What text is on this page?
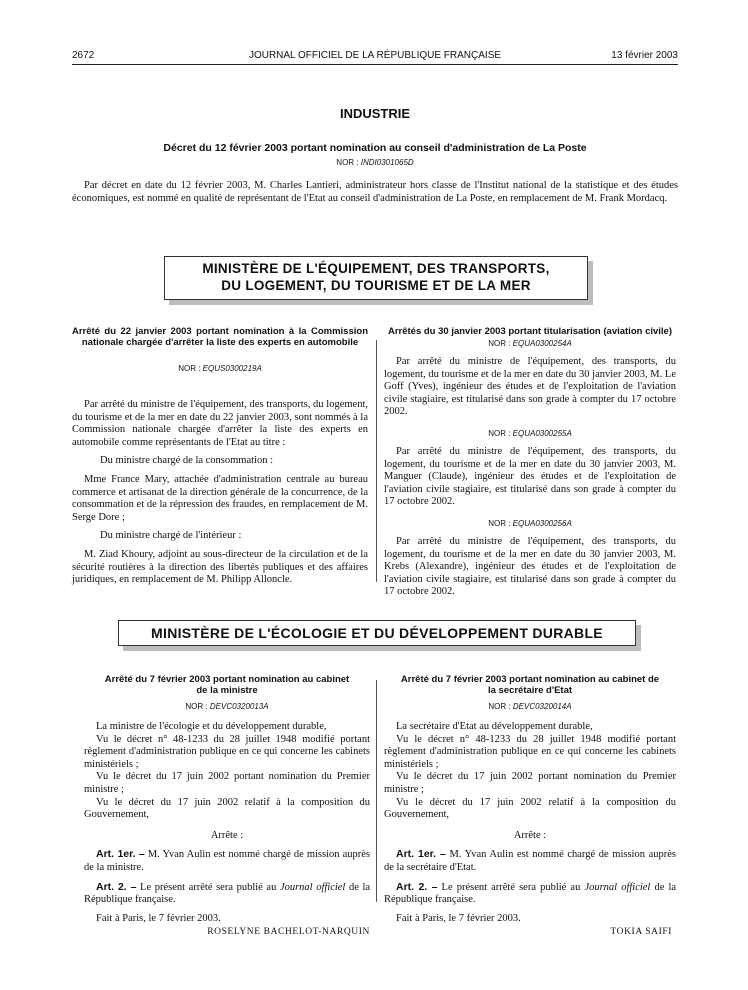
2672	JOURNAL OFFICIEL DE LA RÉPUBLIQUE FRANÇAISE	13 février 2003
INDUSTRIE
Décret du 12 février 2003 portant nomination au conseil d'administration de La Poste
NOR : INDI0301065D

Par décret en date du 12 février 2003, M. Charles Lantieri, administrateur hors classe de l'Institut national de la statistique et des études économiques, est nommé en qualité de représentant de l'Etat au conseil d'administration de La Poste, en remplacement de M. Frank Mordacq.

MINISTÈRE DE L'ÉQUIPEMENT, DES TRANSPORTS,
DU LOGEMENT, DU TOURISME ET DE LA MER
Arrêté du 22 janvier 2003 portant nomination à la Commission nationale chargée d'arrêter la liste des experts en automobile
NOR : EQUS0300219A

Par arrêté du ministre de l'équipement, des transports, du logement, du tourisme et de la mer en date du 22 janvier 2003, sont nommés à la Commission nationale chargée d'arrêter la liste des experts en automobile comme représentants de l'Etat au titre :

Du ministre chargé de la consommation :

Mme France Mary, attachée d'administration centrale au bureau commerce et artisanat de la direction générale de la concurrence, de la consommation et de la répression des fraudes, en remplacement de M. Serge Dore ;

Du ministre chargé de l'intérieur :

M. Ziad Khoury, adjoint au sous-directeur de la circulation et de la sécurité routières à la direction des libertés publiques et des affaires juridiques, en remplacement de M. Philipp Alloncle.

Arrêtés du 30 janvier 2003 portant titularisation (aviation civile)
NOR : EQUA0300254A

Par arrêté du ministre de l'équipement, des transports, du logement, du tourisme et de la mer en date du 30 janvier 2003, M. Le Goff (Yves), ingénieur des études et de l'exploitation de l'aviation civile stagiaire, est titularisé dans son grade à compter du 17 octobre 2002.

NOR : EQUA0300255A

Par arrêté du ministre de l'équipement, des transports, du logement, du tourisme et de la mer en date du 30 janvier 2003, M. Manguer (Claude), ingénieur des études et de l'exploitation de l'aviation civile stagiaire, est titularisé dans son grade à compter du 17 octobre 2002.

NOR : EQUA0300256A

Par arrêté du ministre de l'équipement, des transports, du logement, du tourisme et de la mer en date du 30 janvier 2003, M. Krebs (Alexandre), ingénieur des études et de l'exploitation de l'aviation civile stagiaire, est titularisé dans son grade à compter du 17 octobre 2002.

MINISTÈRE DE L'ÉCOLOGIE ET DU DÉVELOPPEMENT DURABLE
Arrêté du 7 février 2003 portant nomination au cabinet de la ministre
NOR : DEVC0320013A

La ministre de l'écologie et du développement durable,

Vu le décret n° 48-1233 du 28 juillet 1948 modifié portant règlement d'administration publique en ce qui concerne les cabinets ministériels ;

Vu le décret du 17 juin 2002 portant nomination du Premier ministre ;

Vu le décret du 17 juin 2002 relatif à la composition du Gouvernement,

Arrête :

Art. 1er. – M. Yvan Aulin est nommé chargé de mission auprès de la ministre.

Art. 2. – Le présent arrêté sera publié au Journal officiel de la République française.

Fait à Paris, le 7 février 2003.

ROSELYNE BACHELOT-NARQUIN
Arrêté du 7 février 2003 portant nomination au cabinet de la secrétaire d'Etat
NOR : DEVC0320014A

La secrétaire d'Etat au développement durable,

Vu le décret n° 48-1233 du 28 juillet 1948 modifié portant règlement d'administration publique en ce qui concerne les cabinets ministériels ;

Vu le décret du 17 juin 2002 portant nomination du Premier ministre ;

Vu le décret du 17 juin 2002 relatif à la composition du Gouvernement,

Arrête :

Art. 1er. – M. Yvan Aulin est nommé chargé de mission auprès de la secrétaire d'Etat.

Art. 2. – Le présent arrêté sera publié au Journal officiel de la République française.

Fait à Paris, le 7 février 2003.

TOKIA SAIFI
